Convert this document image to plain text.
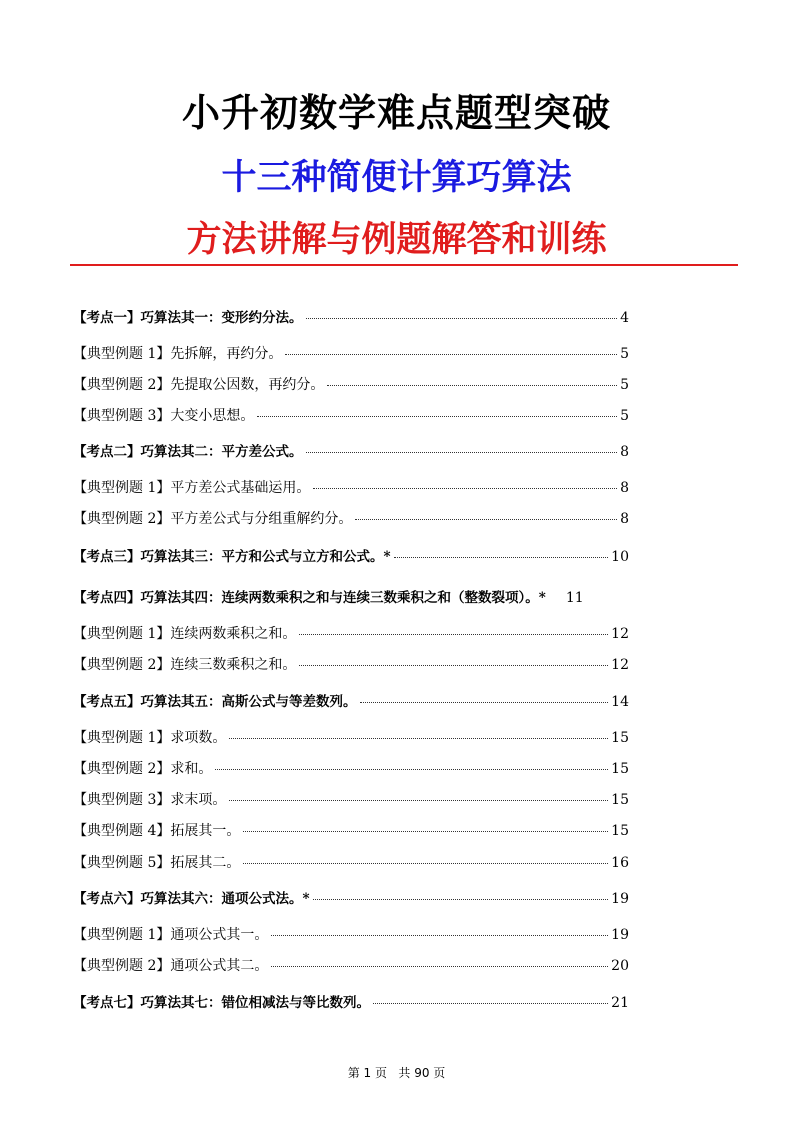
小升初数学难点题型突破
十三种简便计算巧算法
方法讲解与例题解答和训练
【考点一】巧算法其一：变形约分法。	4
【典型例题 1】先拆解，再约分。	5
【典型例题 2】先提取公因数，再约分。	5
【典型例题 3】大变小思想。	5
【考点二】巧算法其二：平方差公式。	8
【典型例题 1】平方差公式基础运用。	8
【典型例题 2】平方差公式与分组重解约分。	8
【考点三】巧算法其三：平方和公式与立方和公式。*	10
【考点四】巧算法其四：连续两数乘积之和与连续三数乘积之和（整数裂项）。* 11
【典型例题 1】连续两数乘积之和。	12
【典型例题 2】连续三数乘积之和。	12
【考点五】巧算法其五：高斯公式与等差数列。	14
【典型例题 1】求项数。	15
【典型例题 2】求和。	15
【典型例题 3】求末项。	15
【典型例题 4】拓展其一。	15
【典型例题 5】拓展其二。	16
【考点六】巧算法其六：通项公式法。*	19
【典型例题 1】通项公式其一。	19
【典型例题 2】通项公式其二。	20
【考点七】巧算法其七：错位相减法与等比数列。	21
第 1 页   共 90 页
